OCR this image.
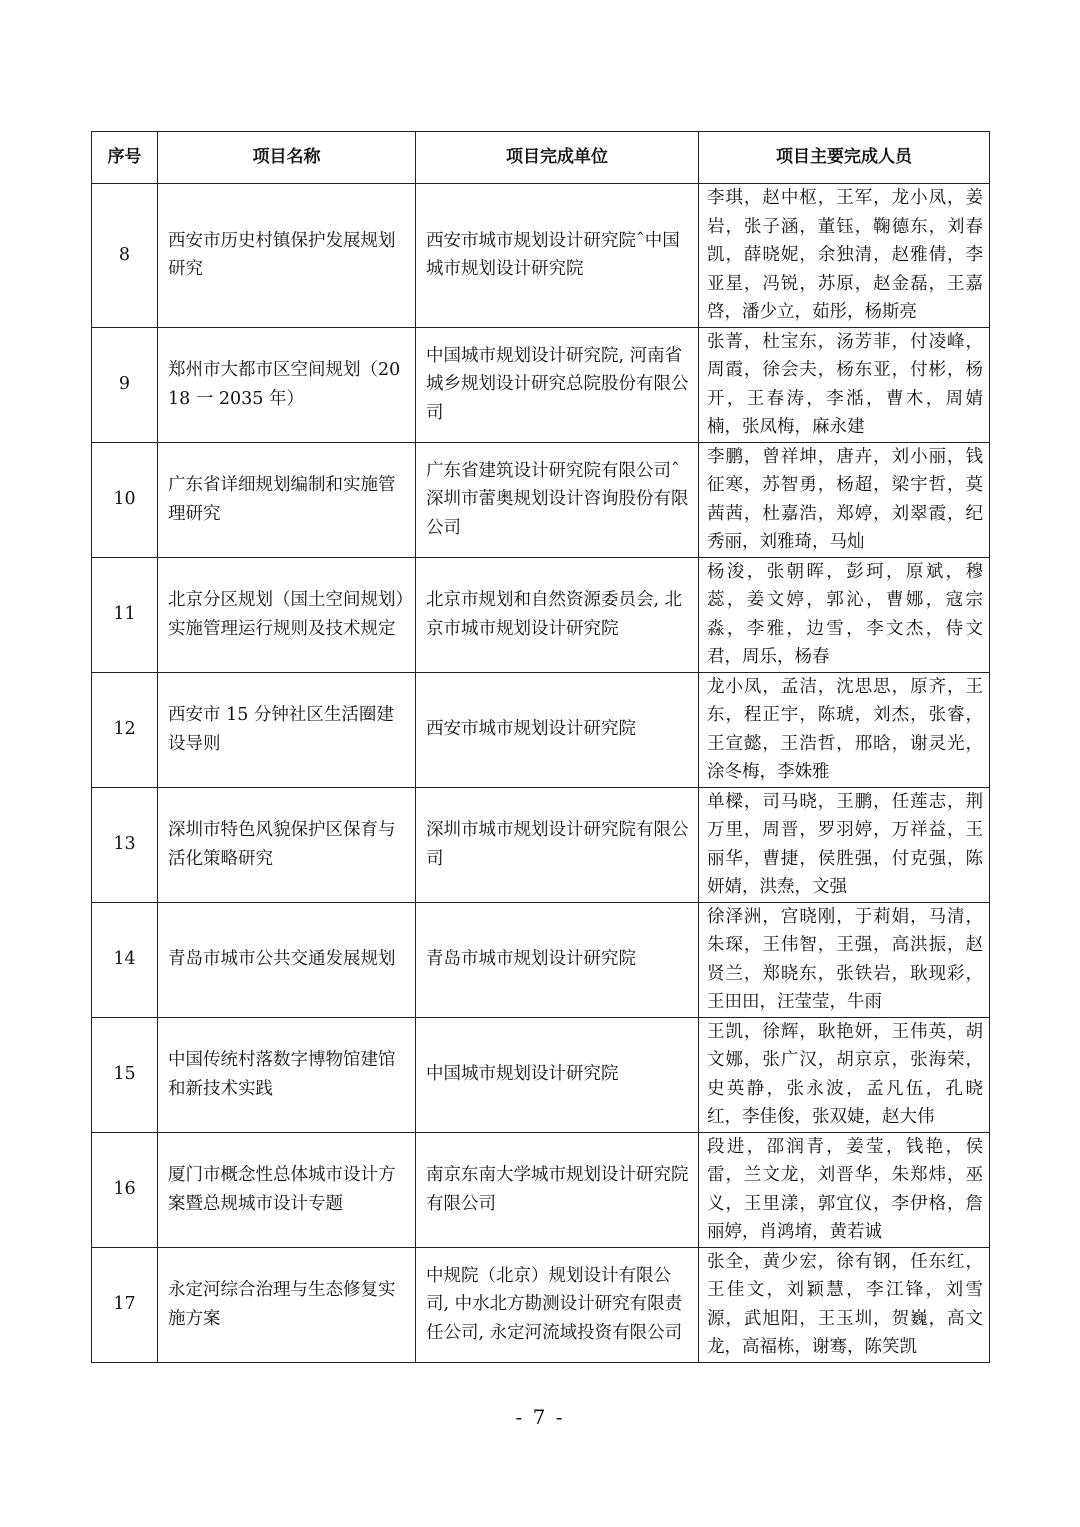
序号	项目名称	项目完成单位	项目主要完成人员
8	西安市历史村镇保护发展规划研究	西安市城市规划设计研究院ˆ中国城市规划设计研究院	李琪，赵中枢，王军，龙小凤，姜岩，张子涵，董钰，鞠德东，刘春凯，薛晓妮，余独清，赵雅倩，李亚星，冯锐，苏原，赵金磊，王嘉啓，潘少立，茹彤，杨斯亮
9	郑州市大都市区空间规划（2018 一 2035 年）	中国城市规划设计研究院, 河南省城乡规划设计研究总院股份有限公司	张菁，杜宝东，汤芳菲，付凌峰，周霞，徐会夫，杨东亚，付彬，杨开，王春涛，李湉，曹木，周婧楠，张凤梅，麻永建
10	广东省详细规划编制和实施管理研究	广东省建筑设计研究院有限公司ˆ深圳市蕾奥规划设计咨询股份有限公司	李鹏，曾祥坤，唐卉，刘小丽，钱征寒，苏智勇，杨超，梁宇哲，莫茜茜，杜嘉浩，郑婷，刘翠霞，纪秀丽，刘雅琦，马灿
11	北京分区规划（国土空间规划）实施管理运行规则及技术规定	北京市规划和自然资源委员会, 北京市城市规划设计研究院	杨浚，张朝晖，彭珂，原斌，穆蕊，姜文婷，郭沁，曹娜，寇宗淼，李雅，边雪，李文杰，侍文君，周乐，杨春
12	西安市 15 分钟社区生活圈建设导则	西安市城市规划设计研究院	龙小凤，孟洁，沈思思，原齐，王东，程正宇，陈琥，刘杰，张睿，王宣懿，王浩哲，邢晗，谢灵光，涂冬梅，李姝雅
13	深圳市特色风貌保护区保育与活化策略研究	深圳市城市规划设计研究院有限公司	单樑，司马晓，王鹏，任莲志，荆万里，周晋，罗羽婷，万祥益，王丽华，曹捷，侯胜强，付克强，陈妍婧，洪焘，文强
14	青岛市城市公共交通发展规划	青岛市城市规划设计研究院	徐泽洲，宫晓刚，于莉娟，马清，朱琛，王伟智，王强，高洪振，赵贤兰，郑晓东，张铁岩，耿现彩，王田田，汪莹莹，牛雨
15	中国传统村落数字博物馆建馆和新技术实践	中国城市规划设计研究院	王凯，徐辉，耿艳妍，王伟英，胡文娜，张广汉，胡京京，张海荣，史英静，张永波，孟凡伍，孔晓红，李佳俊，张双婕，赵大伟
16	厦门市概念性总体城市设计方案暨总规城市设计专题	南京东南大学城市规划设计研究院有限公司	段进，邵润青，姜莹，钱艳，侯雷，兰文龙，刘晋华，朱郑炜，巫义，王里漾，郭宜仪，李伊格，詹丽婷，肖鸿堉，黄若诚
17	永定河综合治理与生态修复实施方案	中规院（北京）规划设计有限公司, 中水北方勘测设计研究有限责任公司, 永定河流域投资有限公司	张全，黄少宏，徐有钢，任东红，王佳文，刘颖慧，李江锋，刘雪源，武旭阳，王玉圳，贺巍，高文龙，高福栋，谢骞，陈笑凯
- 7 -
